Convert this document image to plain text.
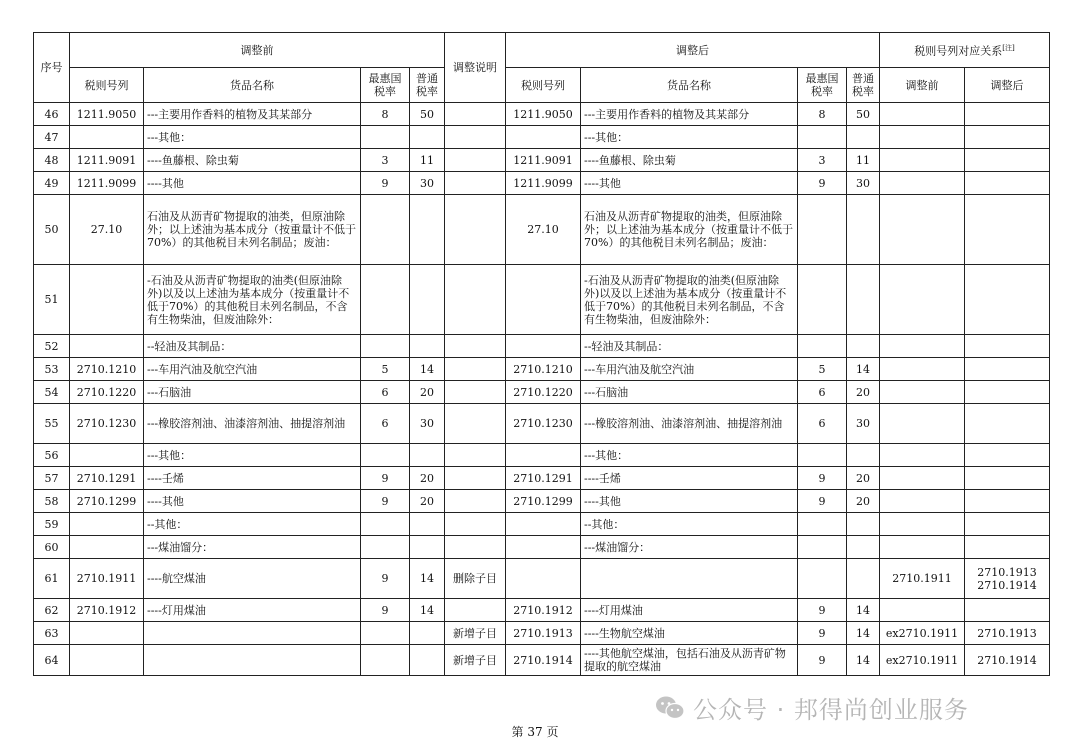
序号	调整前				调整说明	调整后				税则号列对应关系[注]
	税则号列	货品名称	最惠国税率	普通税率		税则号列	货品名称	最惠国税率	普通税率	调整前	调整后
46	1211.9050	---主要用作香料的植物及其某部分	8	50		1211.9050	---主要用作香料的植物及其某部分	8	50		
47		---其他：					---其他：				
48	1211.9091	----鱼藤根、除虫菊	3	11		1211.9091	----鱼藤根、除虫菊	3	11		
49	1211.9099	----其他	9	30		1211.9099	----其他	9	30		
50	27.10	石油及从沥青矿物提取的油类，但原油除外；以上述油为基本成分（按重量计不低于70%）的其他税目未列名制品；废油：				27.10	石油及从沥青矿物提取的油类，但原油除外；以上述油为基本成分（按重量计不低于70%）的其他税目未列名制品；废油：				
51		-石油及从沥青矿物提取的油类(但原油除外)以及以上述油为基本成分（按重量计不低于70%）的其他税目未列名制品，不含有生物柴油，但废油除外：					-石油及从沥青矿物提取的油类(但原油除外)以及以上述油为基本成分（按重量计不低于70%）的其他税目未列名制品，不含有生物柴油，但废油除外：				
52		--轻油及其制品：					--轻油及其制品：				
53	2710.1210	---车用汽油及航空汽油	5	14		2710.1210	---车用汽油及航空汽油	5	14		
54	2710.1220	---石脑油	6	20		2710.1220	---石脑油	6	20		
55	2710.1230	---橡胶溶剂油、油漆溶剂油、抽提溶剂油	6	30		2710.1230	---橡胶溶剂油、油漆溶剂油、抽提溶剂油	6	30		
56		---其他：					---其他：				
57	2710.1291	----壬烯	9	20		2710.1291	----壬烯	9	20		
58	2710.1299	----其他	9	20		2710.1299	----其他	9	20		
59		--其他：					--其他：				
60		---煤油馏分：					---煤油馏分：				
61	2710.1911	----航空煤油	9	14	删除子目					2710.1911	2710.1913
2710.1914
62	2710.1912	----灯用煤油	9	14		2710.1912	----灯用煤油	9	14		
63					新增子目	2710.1913	----生物航空煤油	9	14	ex2710.1911	2710.1913
64					新增子目	2710.1914	----其他航空煤油，包括石油及从沥青矿物提取的航空煤油	9	14	ex2710.1911	2710.1914
公众号 · 邦得尚创业服务
第 37 页
